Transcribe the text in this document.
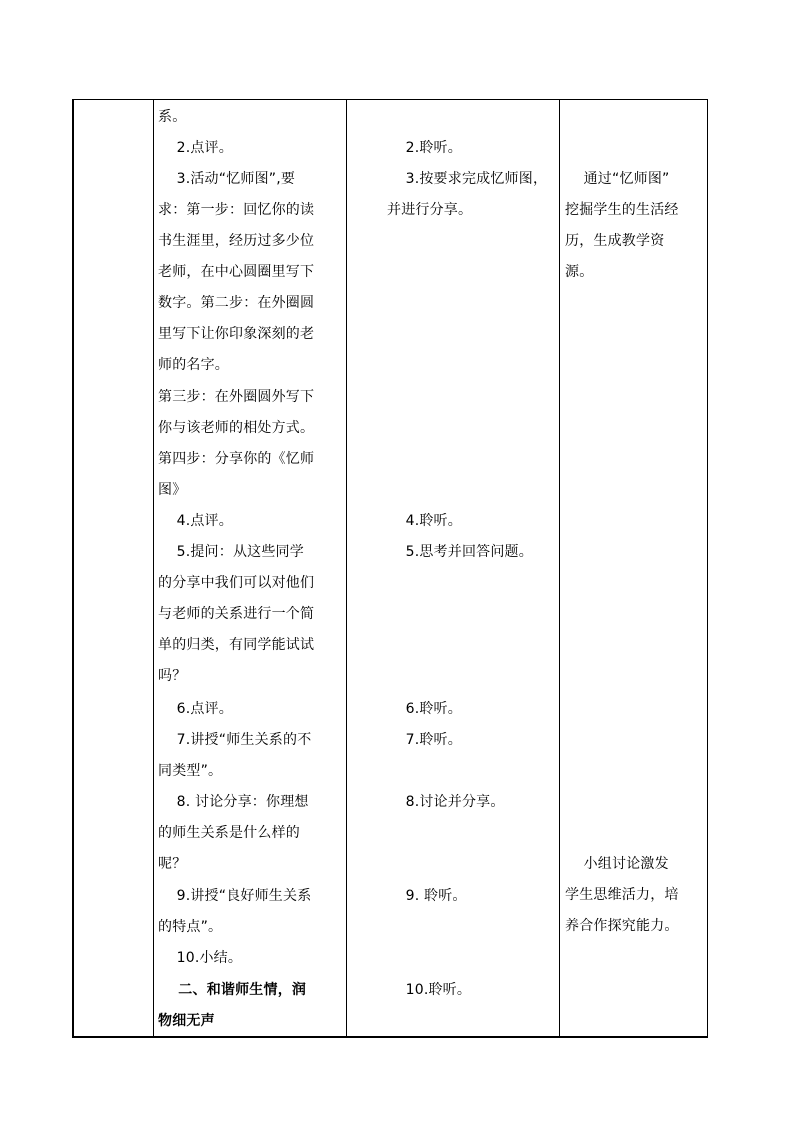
系。
2.点评。
3.活动“忆师图”,要
求：第一步：回忆你的读
书生涯里，经历过多少位
老师，在中心圆圈里写下
数字。第二步：在外圈圆
里写下让你印象深刻的老
师的名字。
第三步：在外圈圆外写下
你与该老师的相处方式。
第四步：分享你的《忆师
图》
4.点评。
5.提问：从这些同学
的分享中我们可以对他们
与老师的关系进行一个简
单的归类，有同学能试试
吗？
6.点评。
7.讲授“师生关系的不
同类型”。
8. 讨论分享：你理想
的师生关系是什么样的
呢？
9.讲授“良好师生关系
的特点”。
10.小结。
二、和谐师生情，润
物细无声
2.聆听。
3.按要求完成忆师图，
并进行分享。
4.聆听。
5.思考并回答问题。
6.聆听。
7.聆听。
8.讨论并分享。
9. 聆听。
10.聆听。
通过“忆师图”
挖掘学生的生活经
历，生成教学资
源。
小组讨论激发
学生思维活力，培
养合作探究能力。
